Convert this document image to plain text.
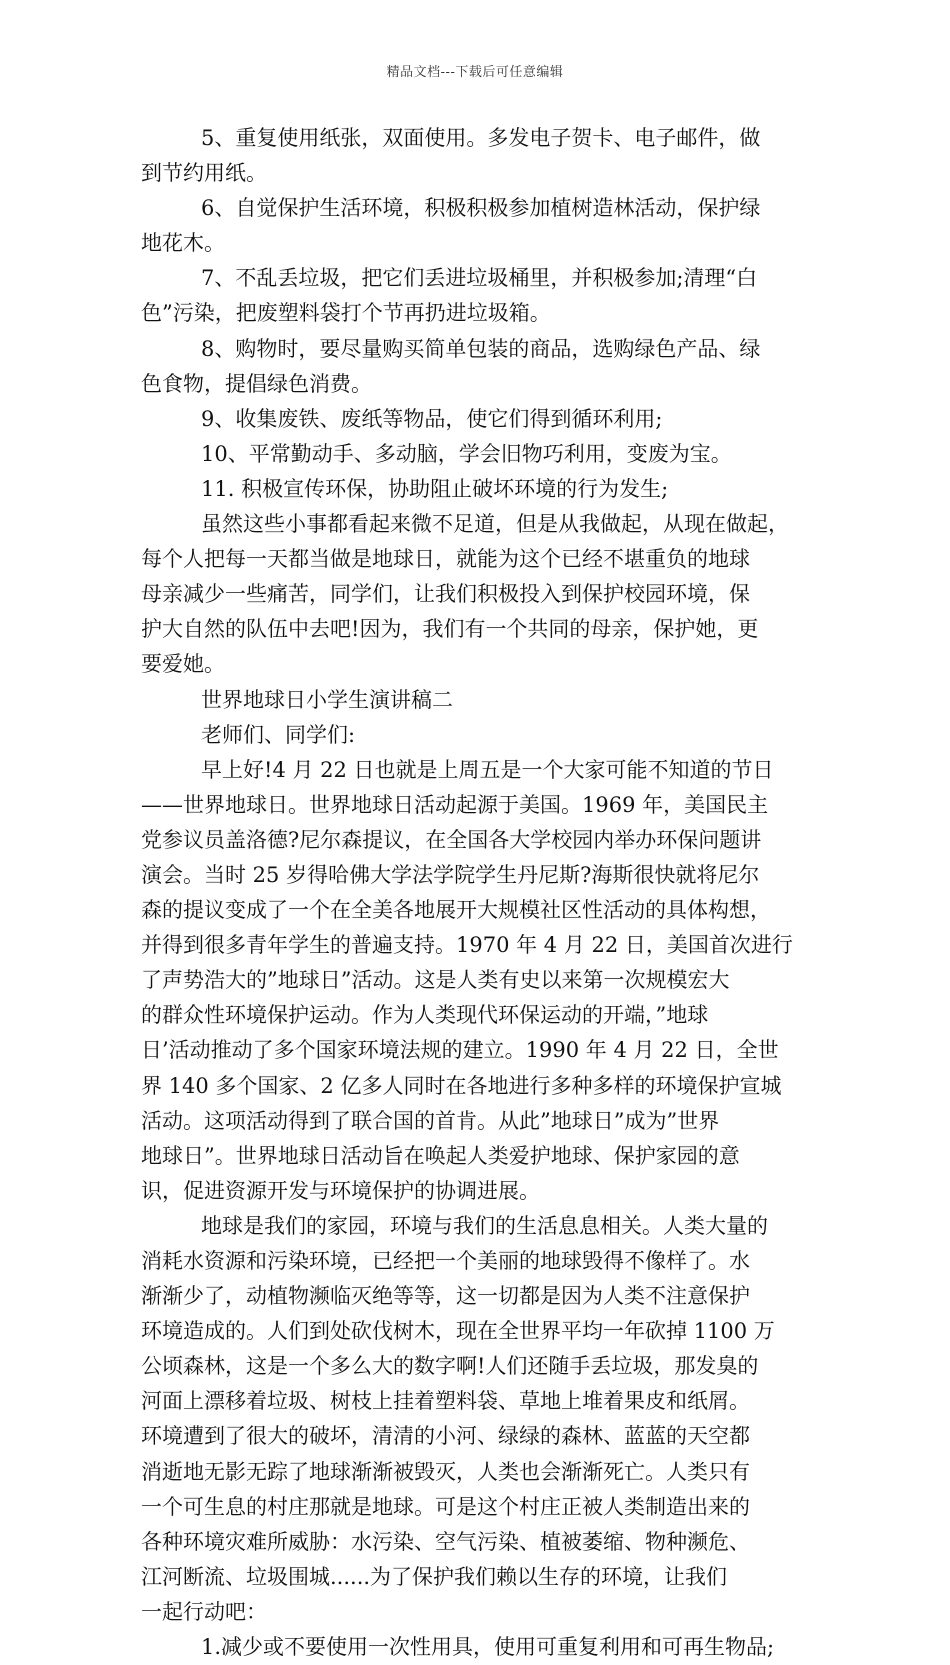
精品文档---下载后可任意编辑
5、重复使用纸张，双面使用。多发电子贺卡、电子邮件，做
到节约用纸。
6、自觉保护生活环境，积极积极参加植树造林活动，保护绿
地花木。
7、不乱丢垃圾，把它们丢进垃圾桶里，并积极参加;清理“白
色”污染，把废塑料袋打个节再扔进垃圾箱。
8、购物时，要尽量购买简单包装的商品，选购绿色产品、绿
色食物，提倡绿色消费。
9、收集废铁、废纸等物品，使它们得到循环利用;
10、平常勤动手、多动脑，学会旧物巧利用，变废为宝。
11. 积极宣传环保，协助阻止破坏环境的行为发生;
虽然这些小事都看起来微不足道，但是从我做起，从现在做起，
每个人把每一天都当做是地球日，就能为这个已经不堪重负的地球
母亲减少一些痛苦，同学们，让我们积极投入到保护校园环境，保
护大自然的队伍中去吧!因为，我们有一个共同的母亲，保护她，更
要爱她。
世界地球日小学生演讲稿二
老师们、同学们:
早上好!4 月 22 日也就是上周五是一个大家可能不知道的节日
——世界地球日。世界地球日活动起源于美国。1969 年，美国民主
党参议员盖洛德?尼尔森提议，在全国各大学校园内举办环保问题讲
演会。当时 25 岁得哈佛大学法学院学生丹尼斯?海斯很快就将尼尔
森的提议变成了一个在全美各地展开大规模社区性活动的具体构想，
并得到很多青年学生的普遍支持。1970 年 4 月 22 日，美国首次进行
了声势浩大的”地球日”活动。这是人类有史以来第一次规模宏大
的群众性环境保护运动。作为人类现代环保运动的开端，”地球
日’活动推动了多个国家环境法规的建立。1990 年 4 月 22 日，全世
界 140 多个国家、2 亿多人同时在各地进行多种多样的环境保护宣城
活动。这项活动得到了联合国的首肯。从此”地球日”成为”世界
地球日”。世界地球日活动旨在唤起人类爱护地球、保护家园的意
识，促进资源开发与环境保护的协调进展。
地球是我们的家园，环境与我们的生活息息相关。人类大量的
消耗水资源和污染环境，已经把一个美丽的地球毁得不像样了。水
渐渐少了，动植物濒临灭绝等等，这一切都是因为人类不注意保护
环境造成的。人们到处砍伐树木，现在全世界平均一年砍掉 1100 万
公顷森林，这是一个多么大的数字啊!人们还随手丢垃圾，那发臭的
河面上漂移着垃圾、树枝上挂着塑料袋、草地上堆着果皮和纸屑。
环境遭到了很大的破坏，清清的小河、绿绿的森林、蓝蓝的天空都
消逝地无影无踪了地球渐渐被毁灭，人类也会渐渐死亡。人类只有
一个可生息的村庄那就是地球。可是这个村庄正被人类制造出来的
各种环境灾难所威胁：水污染、空气污染、植被萎缩、物种濒危、
江河断流、垃圾围城......为了保护我们赖以生存的环境，让我们
一起行动吧：
1.减少或不要使用一次性用具，使用可重复利用和可再生物品;
